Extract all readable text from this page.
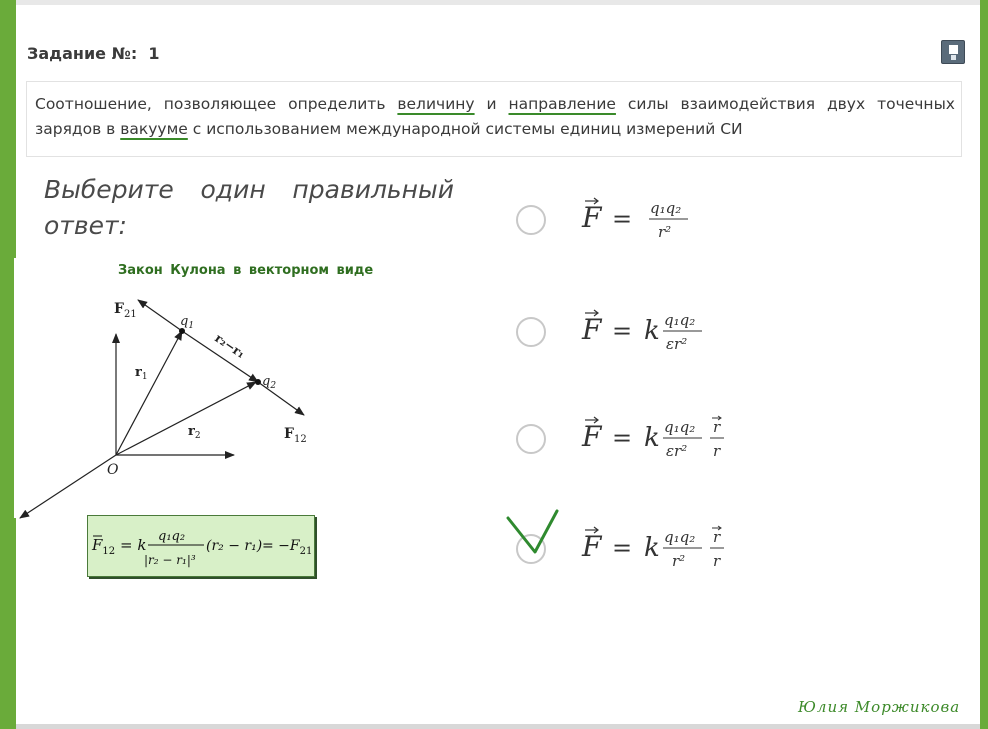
Задание №:  1
Соотношение, позволяющее определить величину и направление силы взаимодействия двух точечных зарядов в вакууме с использованием международной системы единиц измерений СИ
Выберите один правильный ответ:
Закон Кулона в векторном виде
$F_{21}$	$q_1$
$q_2$
$r_1$
$r_2$
r₂−r₁
$F_{12}$
O
$F_{12} = k$ q₁q₂
|r₂ − r₁|³
$(r_2 - r_1) = -F_{21}$
F = q₁q₂
r²
F = k q₁q₂
εr²
F = k q₁q₂
εr²
r
r
F = k q₁q₂
r²
r
r
Юлия Моржикова
